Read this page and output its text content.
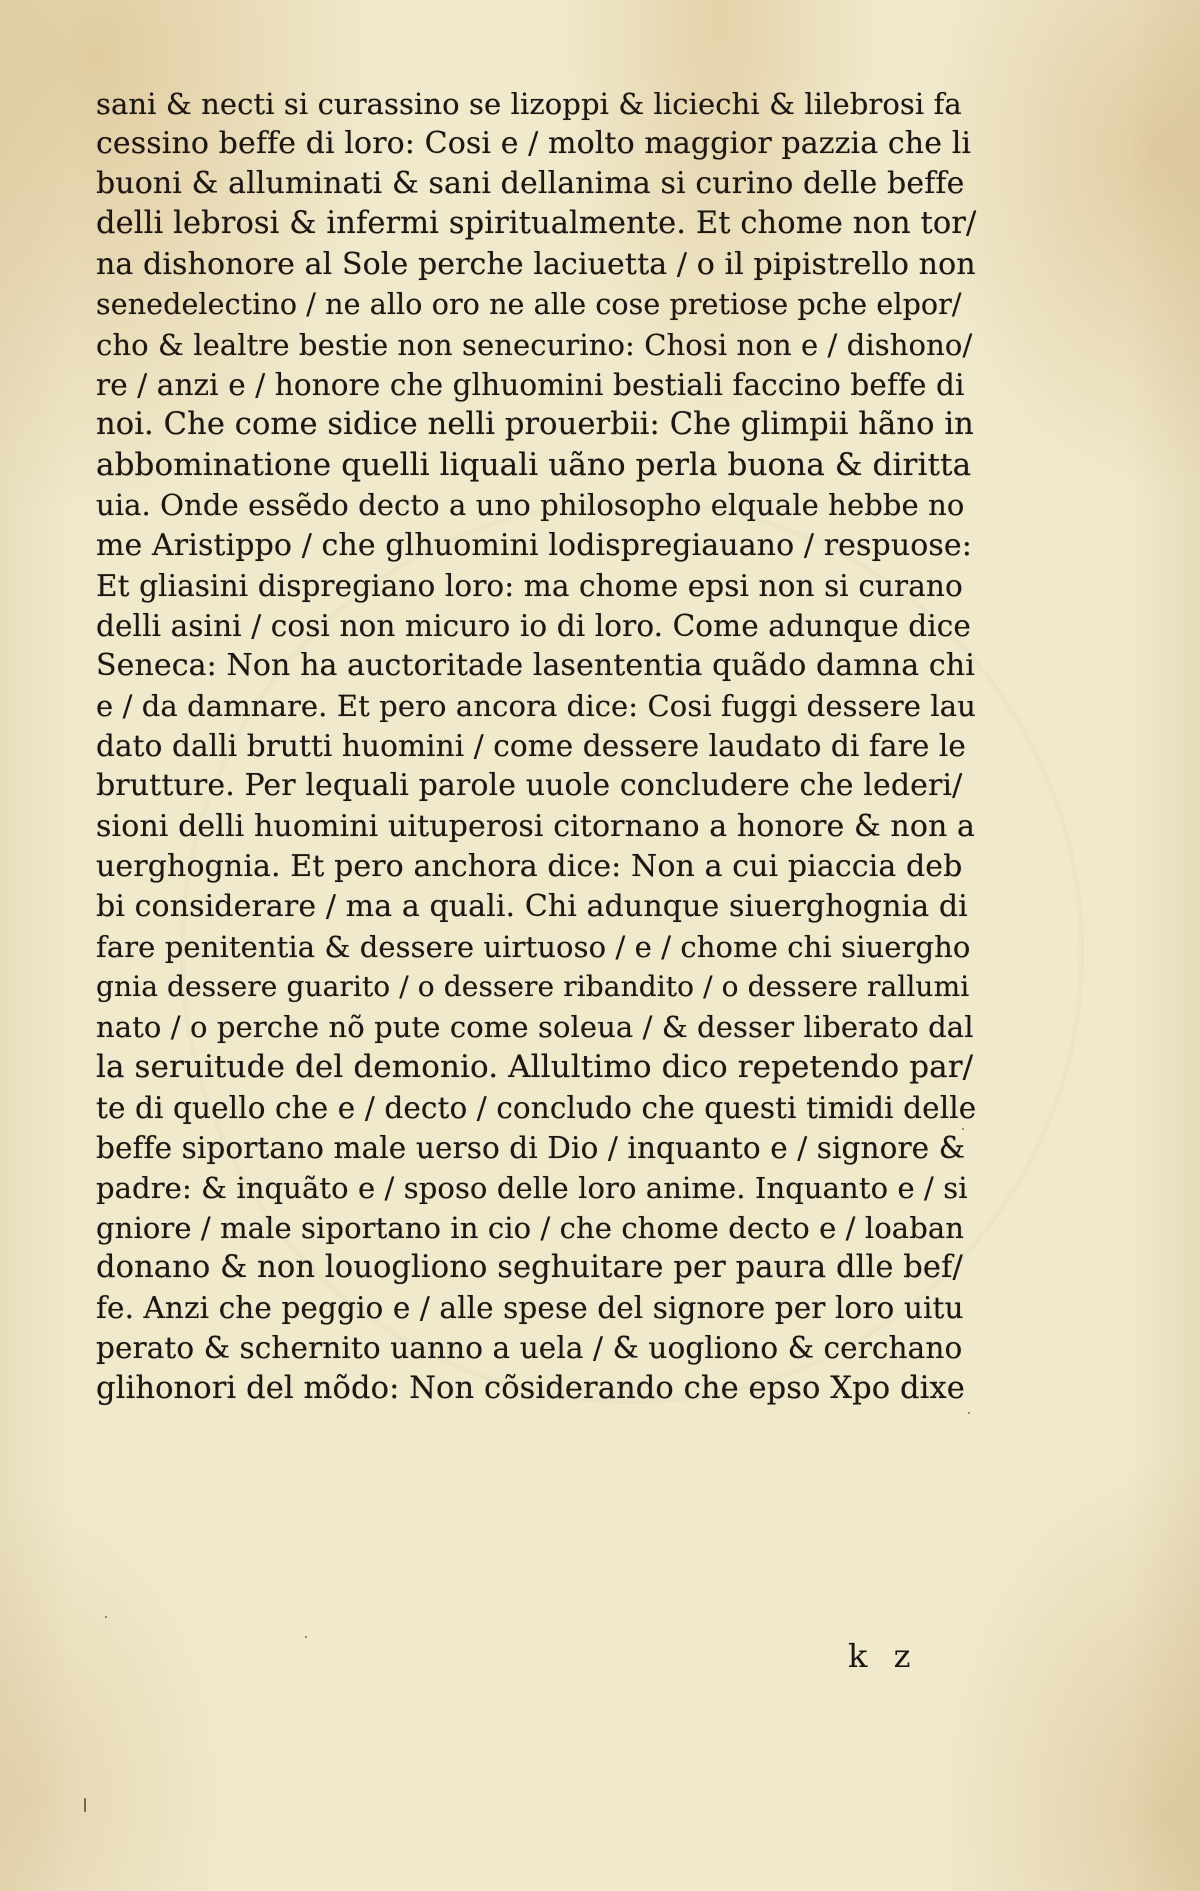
sani & necti si curassino se lizoppi & liciechi & lilebrosi fa
cessino beffe di loro: Cosi e / molto maggior pazzia che li
buoni & alluminati & sani dellanima si curino delle beffe
delli lebrosi & infermi spiritualmente. Et chome non tor/
na dishonore al Sole perche laciuetta / o il pipistrello non
senedelectino / ne allo oro ne alle cose pretiose pche elpor/
cho & lealtre bestie non senecurino: Chosi non e / dishono/
re / anzi e / honore che glhuomini bestiali faccino beffe di
noi. Che come sidice nelli prouerbii: Che glimpii hãno in
abbominatione quelli liquali uãno perla buona & diritta
uia. Onde essẽdo decto a uno philosopho elquale hebbe no
me Aristippo / che glhuomini lodispregiauano / respuose:
Et gliasini dispregiano loro: ma chome epsi non si curano
delli asini / cosi non micuro io di loro. Come adunque dice
Seneca: Non ha auctoritade lasententia quãdo damna chi
e / da damnare. Et pero ancora dice: Cosi fuggi dessere lau
dato dalli brutti huomini / come dessere laudato di fare le
brutture. Per lequali parole uuole concludere che lederi/
sioni delli huomini uituperosi citornano a honore & non a
uerghognia. Et pero anchora dice: Non a cui piaccia deb
bi considerare / ma a quali. Chi adunque siuerghognia di
fare penitentia & dessere uirtuoso / e / chome chi siuergho
gnia dessere guarito / o dessere ribandito / o dessere rallumi
nato / o perche nõ pute come soleua / & desser liberato dal
la seruitude del demonio. Allultimo dico repetendo par/
te di quello che e / decto / concludo che questi timidi delle
beffe siportano male uerso di Dio / inquanto e / signore &
padre: & inquãto e / sposo delle loro anime. Inquanto e / si
gniore / male siportano in cio / che chome decto e / loaban
donano & non louogliono seghuitare per paura dlle bef/
fe. Anzi che peggio e / alle spese del signore per loro uitu
perato & schernito uanno a uela / & uogliono & cerchano
glihonori del mõdo: Non cõsiderando che epso Xpo dixe
k z
